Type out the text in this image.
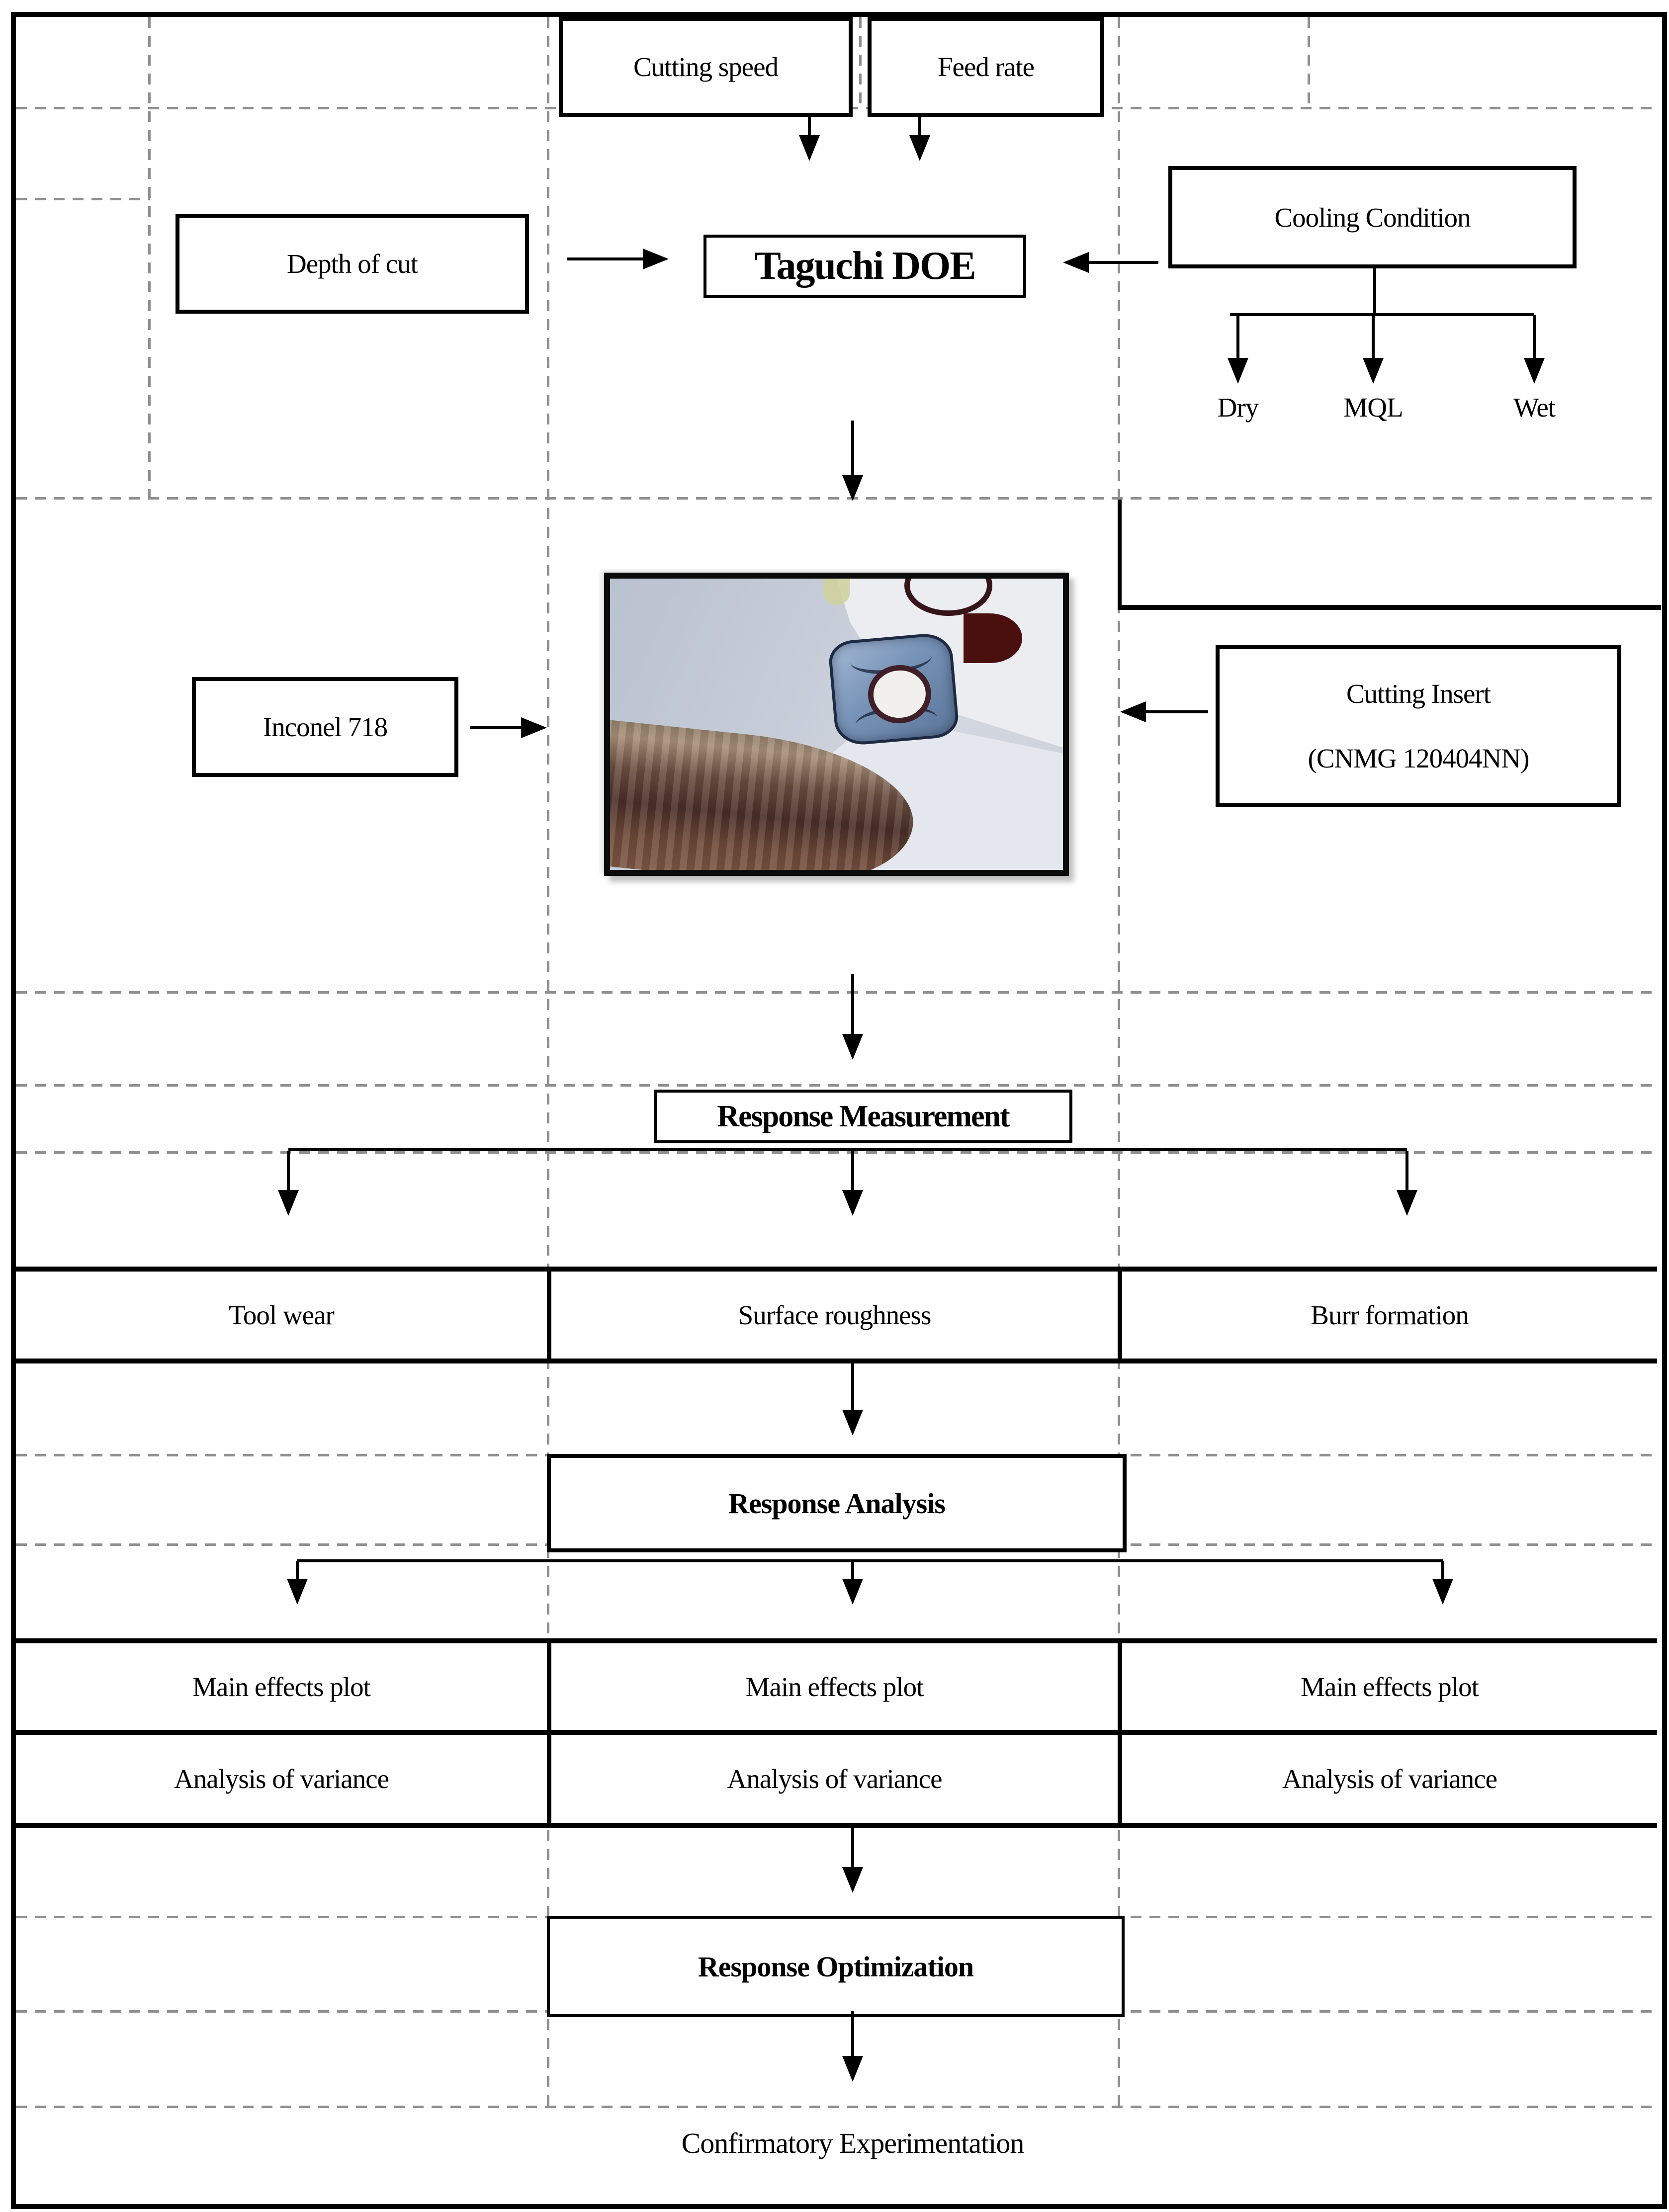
Cutting speed	Feed rate
Depth of cut	Taguchi DOE
Cooling Condition
Dry	MQL	Wet
Inconel 718
Cutting Insert
(CNMG 120404NN)
Response Measurement
Response Analysis
Response Optimization
Tool wear	Surface roughness	Burr formation
Main effects plot	Main effects plot	Main effects plot
Analysis of variance	Analysis of variance	Analysis of variance
Confirmatory Experimentation
